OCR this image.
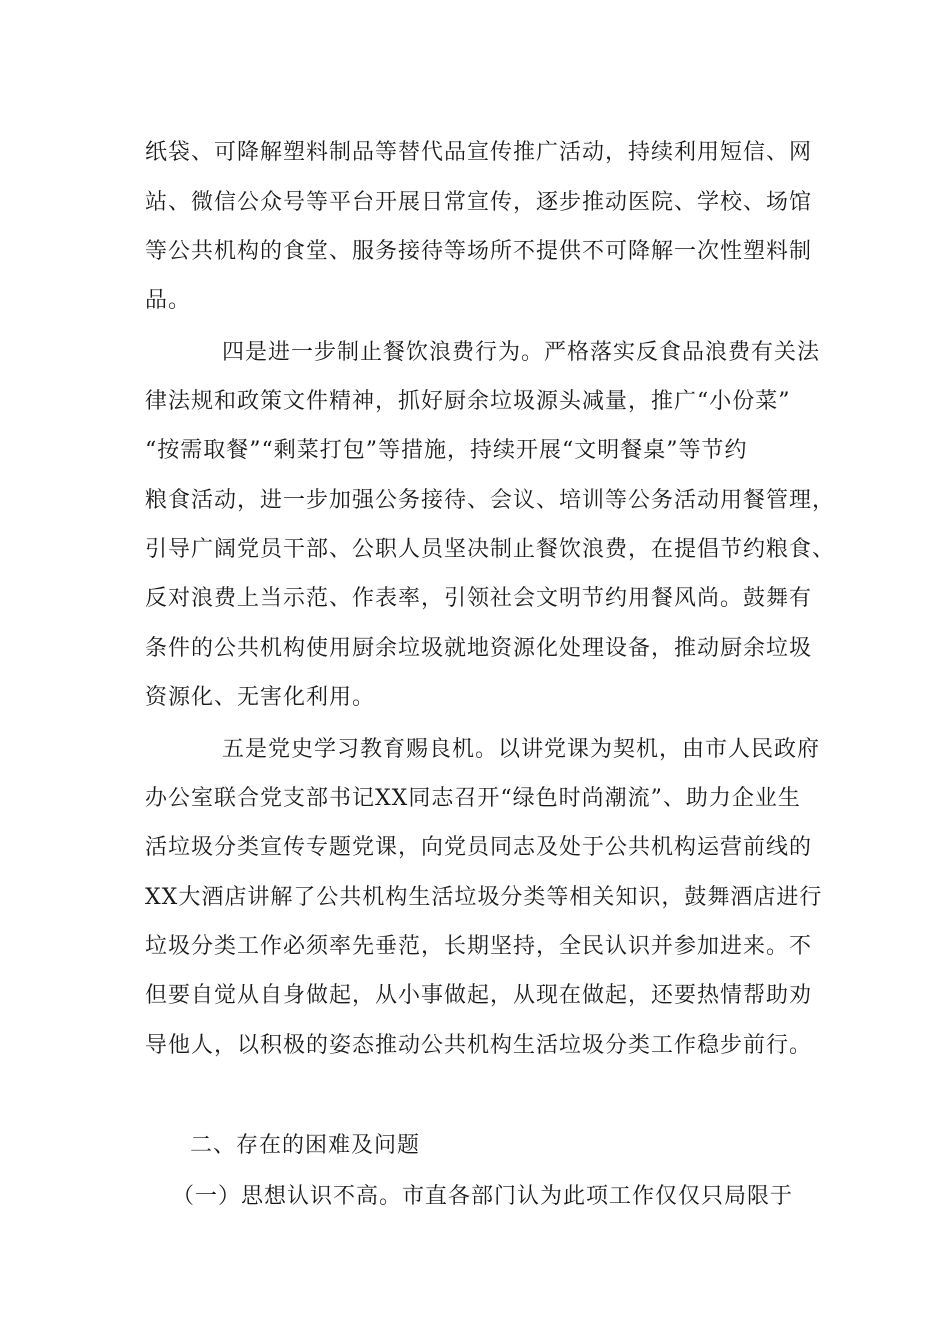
纸袋、可降解塑料制品等替代品宣传推广活动，持续利用短信、网
站、微信公众号等平台开展日常宣传，逐步推动医院、学校、场馆
等公共机构的食堂、服务接待等场所不提供不可降解一次性塑料制
品。
四是进一步制止餐饮浪费行为。严格落实反食品浪费有关法
律法规和政策文件精神，抓好厨余垃圾源头减量，推广“小份菜”
“按需取餐”“剩菜打包”等措施，持续开展“文明餐桌”等节约
粮食活动，进一步加强公务接待、会议、培训等公务活动用餐管理，
引导广阔党员干部、公职人员坚决制止餐饮浪费，在提倡节约粮食、
反对浪费上当示范、作表率，引领社会文明节约用餐风尚。鼓舞有
条件的公共机构使用厨余垃圾就地资源化处理设备，推动厨余垃圾
资源化、无害化利用。
五是党史学习教育赐良机。以讲党课为契机，由市人民政府
办公室联合党支部书记XX同志召开“绿色时尚潮流”、助力企业生
活垃圾分类宣传专题党课，向党员同志及处于公共机构运营前线的
XX大酒店讲解了公共机构生活垃圾分类等相关知识，鼓舞酒店进行
垃圾分类工作必须率先垂范，长期坚持，全民认识并参加进来。不
但要自觉从自身做起，从小事做起，从现在做起，还要热情帮助劝
导他人，以积极的姿态推动公共机构生活垃圾分类工作稳步前行。
二、存在的困难及问题
（一）思想认识不高。市直各部门认为此项工作仅仅只局限于
